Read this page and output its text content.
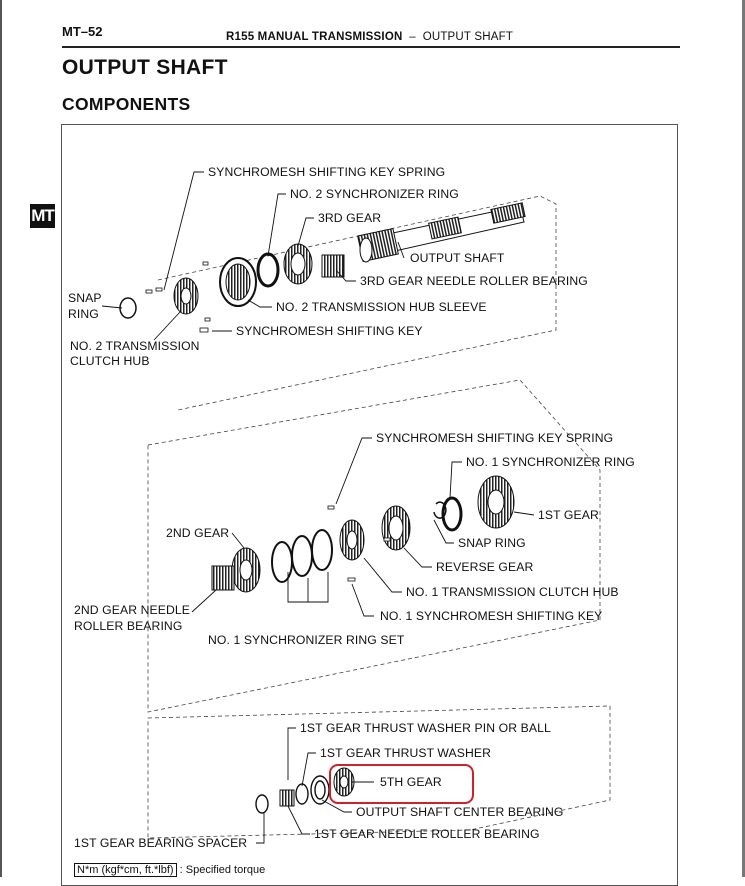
MT–52	R155 MANUAL TRANSMISSION – OUTPUT SHAFT
OUTPUT SHAFT
COMPONENTS
MT
SYNCHROMESH SHIFTING KEY SPRING
NO. 2 SYNCHRONIZER RING
3RD GEAR
OUTPUT SHAFT
3RD GEAR NEEDLE ROLLER BEARING
NO. 2 TRANSMISSION HUB SLEEVE
SNAP
RING
NO. 2 TRANSMISSION
CLUTCH HUB
SYNCHROMESH SHIFTING KEY
SYNCHROMESH SHIFTING KEY SPRING
NO. 1 SYNCHRONIZER RING
1ST GEAR
2ND GEAR
SNAP RING
REVERSE GEAR
NO. 1 TRANSMISSION CLUTCH HUB
2ND GEAR NEEDLE
ROLLER BEARING
NO. 1 SYNCHROMESH SHIFTING KEY
NO. 1 SYNCHRONIZER RING SET
1ST GEAR THRUST WASHER PIN OR BALL
1ST GEAR THRUST WASHER
5TH GEAR
OUTPUT SHAFT CENTER BEARING
1ST GEAR NEEDLE ROLLER BEARING
1ST GEAR BEARING SPACER
N*m (kgf*cm, ft.*lbf) : Specified torque
